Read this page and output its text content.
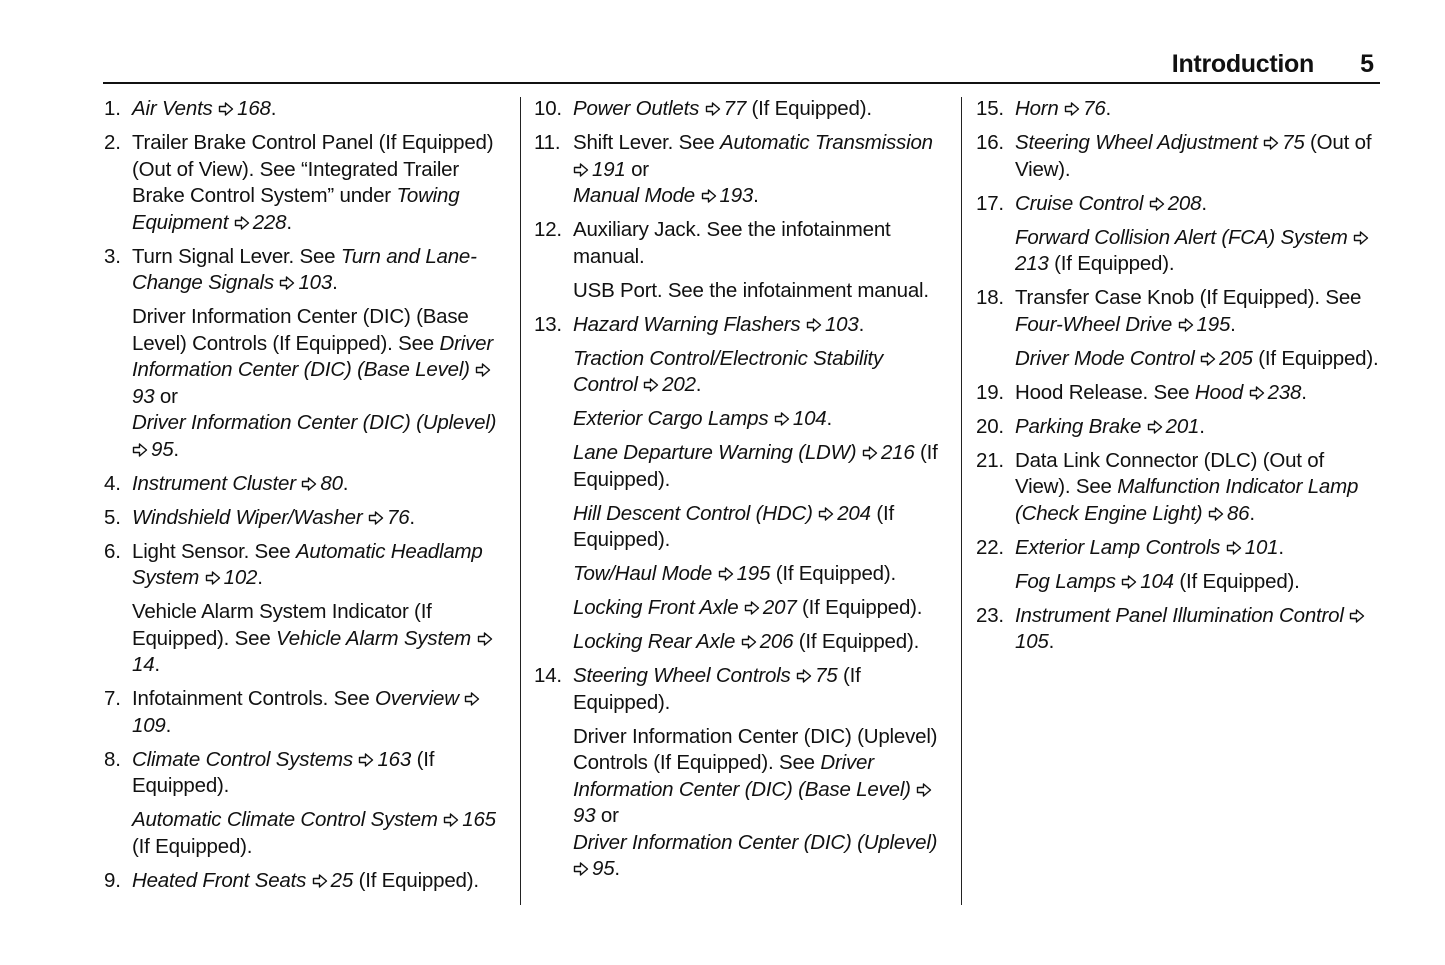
Introduction 5
1. Air Vents 168.
2. Trailer Brake Control Panel (If Equipped) (Out of View). See “Integrated Trailer Brake Control System” under Towing Equipment 228.
3. Turn Signal Lever. See Turn and Lane-Change Signals 103.
Driver Information Center (DIC) (Base Level) Controls (If Equipped). See Driver Information Center (DIC) (Base Level)
93 or
Driver Information Center (DIC) (Uplevel)
95.
4. Instrument Cluster 80.
5. Windshield Wiper/Washer 76.
6. Light Sensor. See Automatic Headlamp System 102.
Vehicle Alarm System Indicator (If Equipped). See Vehicle Alarm System
14.
7. Infotainment Controls. See Overview
109.
8. Climate Control Systems 163 (If Equipped).
Automatic Climate Control System 165 (If Equipped).
9. Heated Front Seats 25 (If Equipped).
10. Power Outlets 77 (If Equipped).
11. Shift Lever. See Automatic Transmission
191 or
Manual Mode 193.
12. Auxiliary Jack. See the infotainment manual.
USB Port. See the infotainment manual.
13. Hazard Warning Flashers 103.
Traction Control/Electronic Stability Control 202.
Exterior Cargo Lamps 104.
Lane Departure Warning (LDW) 216 (If Equipped).
Hill Descent Control (HDC) 204 (If Equipped).
Tow/Haul Mode 195 (If Equipped).
Locking Front Axle 207 (If Equipped).
Locking Rear Axle 206 (If Equipped).
14. Steering Wheel Controls 75 (If Equipped).
Driver Information Center (DIC) (Uplevel) Controls (If Equipped). See Driver Information Center (DIC) (Base Level)
93 or
Driver Information Center (DIC) (Uplevel)
95.
15. Horn 76.
16. Steering Wheel Adjustment 75 (Out of View).
17. Cruise Control 208.
Forward Collision Alert (FCA) System
213 (If Equipped).
18. Transfer Case Knob (If Equipped). See Four-Wheel Drive 195.
Driver Mode Control 205 (If Equipped).
19. Hood Release. See Hood 238.
20. Parking Brake 201.
21. Data Link Connector (DLC) (Out of View). See Malfunction Indicator Lamp (Check Engine Light) 86.
22. Exterior Lamp Controls 101.
Fog Lamps 104 (If Equipped).
23. Instrument Panel Illumination Control
105.
